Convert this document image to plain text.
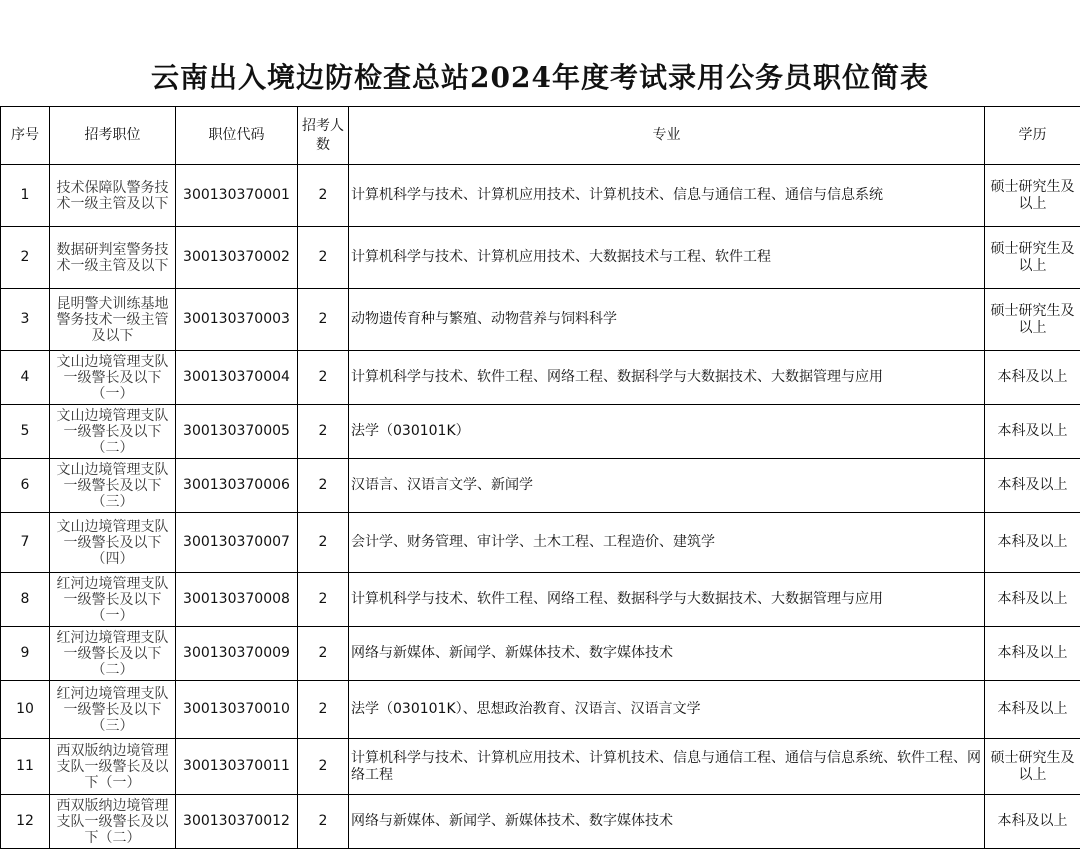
云南出入境边防检查总站2024年度考试录用公务员职位简表
序号	招考职位	职位代码	招考人数	专业	学历
1	技术保障队警务技术一级主管及以下	300130370001	2	计算机科学与技术、计算机应用技术、计算机技术、信息与通信工程、通信与信息系统	硕士研究生及以上
2	数据研判室警务技术一级主管及以下	300130370002	2	计算机科学与技术、计算机应用技术、大数据技术与工程、软件工程	硕士研究生及以上
3	昆明警犬训练基地警务技术一级主管及以下	300130370003	2	动物遗传育种与繁殖、动物营养与饲料科学	硕士研究生及以上
4	文山边境管理支队一级警长及以下（一）	300130370004	2	计算机科学与技术、软件工程、网络工程、数据科学与大数据技术、大数据管理与应用	本科及以上
5	文山边境管理支队一级警长及以下（二）	300130370005	2	法学（030101K）	本科及以上
6	文山边境管理支队一级警长及以下（三）	300130370006	2	汉语言、汉语言文学、新闻学	本科及以上
7	文山边境管理支队一级警长及以下（四）	300130370007	2	会计学、财务管理、审计学、土木工程、工程造价、建筑学	本科及以上
8	红河边境管理支队一级警长及以下（一）	300130370008	2	计算机科学与技术、软件工程、网络工程、数据科学与大数据技术、大数据管理与应用	本科及以上
9	红河边境管理支队一级警长及以下（二）	300130370009	2	网络与新媒体、新闻学、新媒体技术、数字媒体技术	本科及以上
10	红河边境管理支队一级警长及以下（三）	300130370010	2	法学（030101K）、思想政治教育、汉语言、汉语言文学	本科及以上
11	西双版纳边境管理支队一级警长及以下（一）	300130370011	2	计算机科学与技术、计算机应用技术、计算机技术、信息与通信工程、通信与信息系统、软件工程、网络工程	硕士研究生及以上
12	西双版纳边境管理支队一级警长及以下（二）	300130370012	2	网络与新媒体、新闻学、新媒体技术、数字媒体技术	本科及以上
